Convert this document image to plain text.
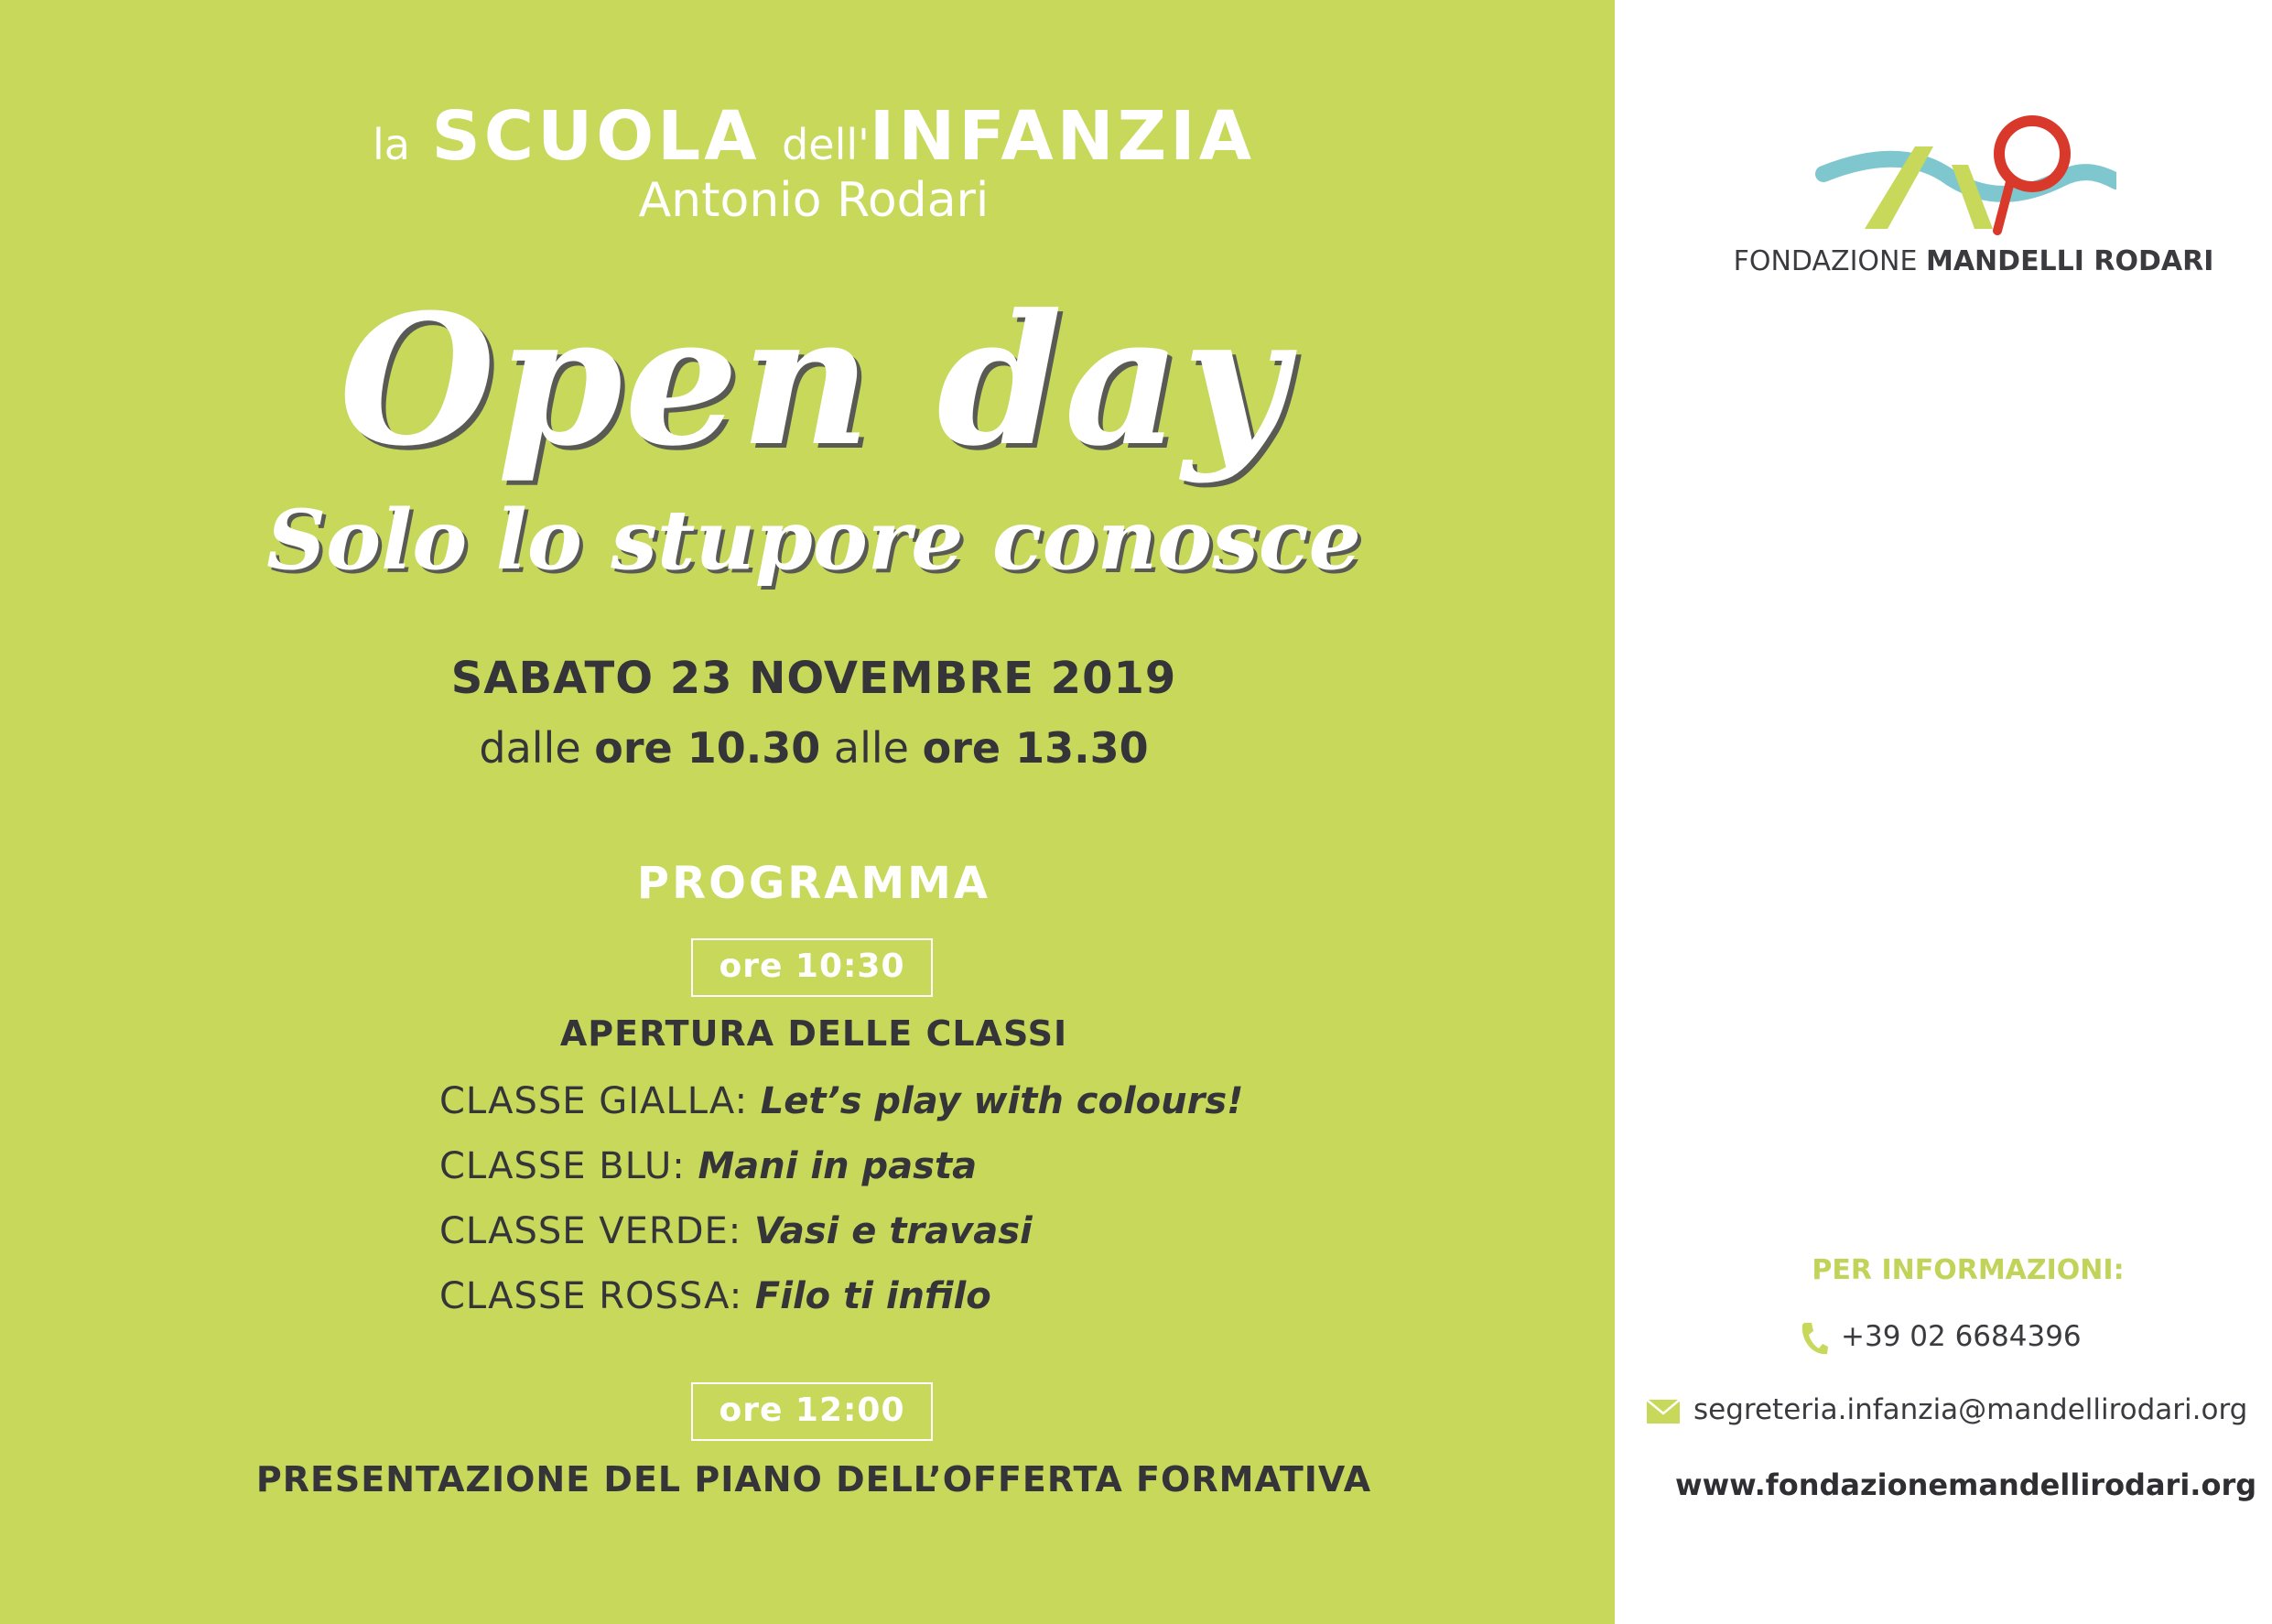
la SCUOLA dell'INFANZIA
Antonio Rodari
Open day
Solo lo stupore conosce
SABATO 23 NOVEMBRE 2019
dalle ore 10.30 alle ore 13.30
PROGRAMMA
ore 10:30
APERTURA DELLE CLASSI
CLASSE GIALLA: Let’s play with colours!
CLASSE BLU: Mani in pasta
CLASSE VERDE: Vasi e travasi
CLASSE ROSSA: Filo ti infilo
ore 12:00
PRESENTAZIONE DEL PIANO DELL’OFFERTA FORMATIVA
FONDAZIONE MANDELLI RODARI
PER INFORMAZIONI:
+39 02 6684396
segreteria.infanzia@mandellirodari.org
www.fondazionemandellirodari.org
